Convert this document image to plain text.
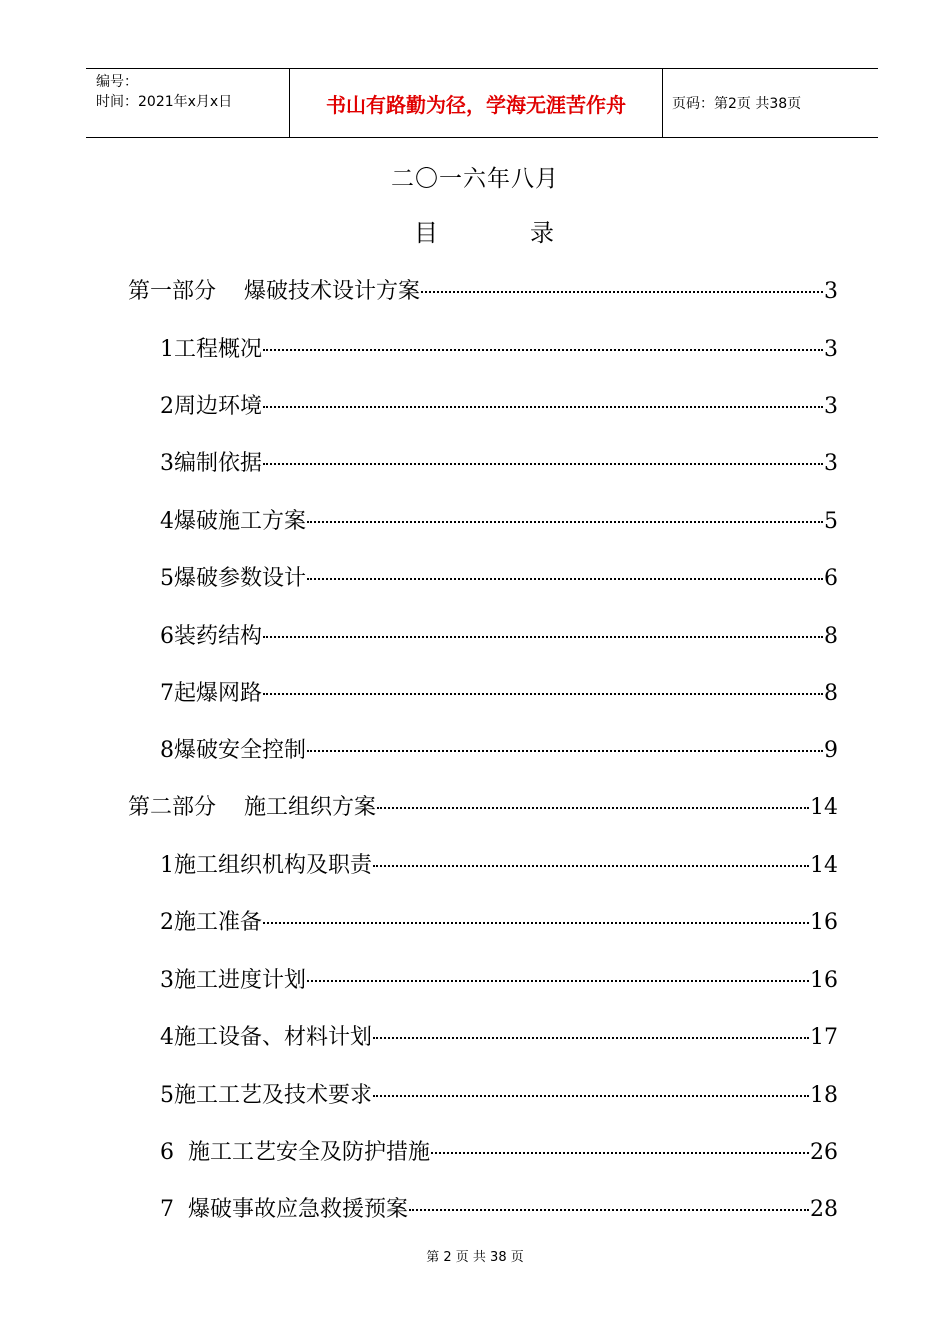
编号：
时间：2021年x月x日	书山有路勤为径，学海无涯苦作舟	页码：第2页 共38页
二〇一六年八月
目	录
第一部分    爆破技术设计方案	3
1工程概况	3
2周边环境	3
3编制依据	3
4爆破施工方案	5
5爆破参数设计	6
6装药结构	8
7起爆网路	8
8爆破安全控制	9
第二部分    施工组织方案	14
1施工组织机构及职责	14
2施工准备	16
3施工进度计划	16
4施工设备、材料计划	17
5施工工艺及技术要求	18
6  施工工艺安全及防护措施	26
7  爆破事故应急救援预案	28
第 2 页 共 38 页
